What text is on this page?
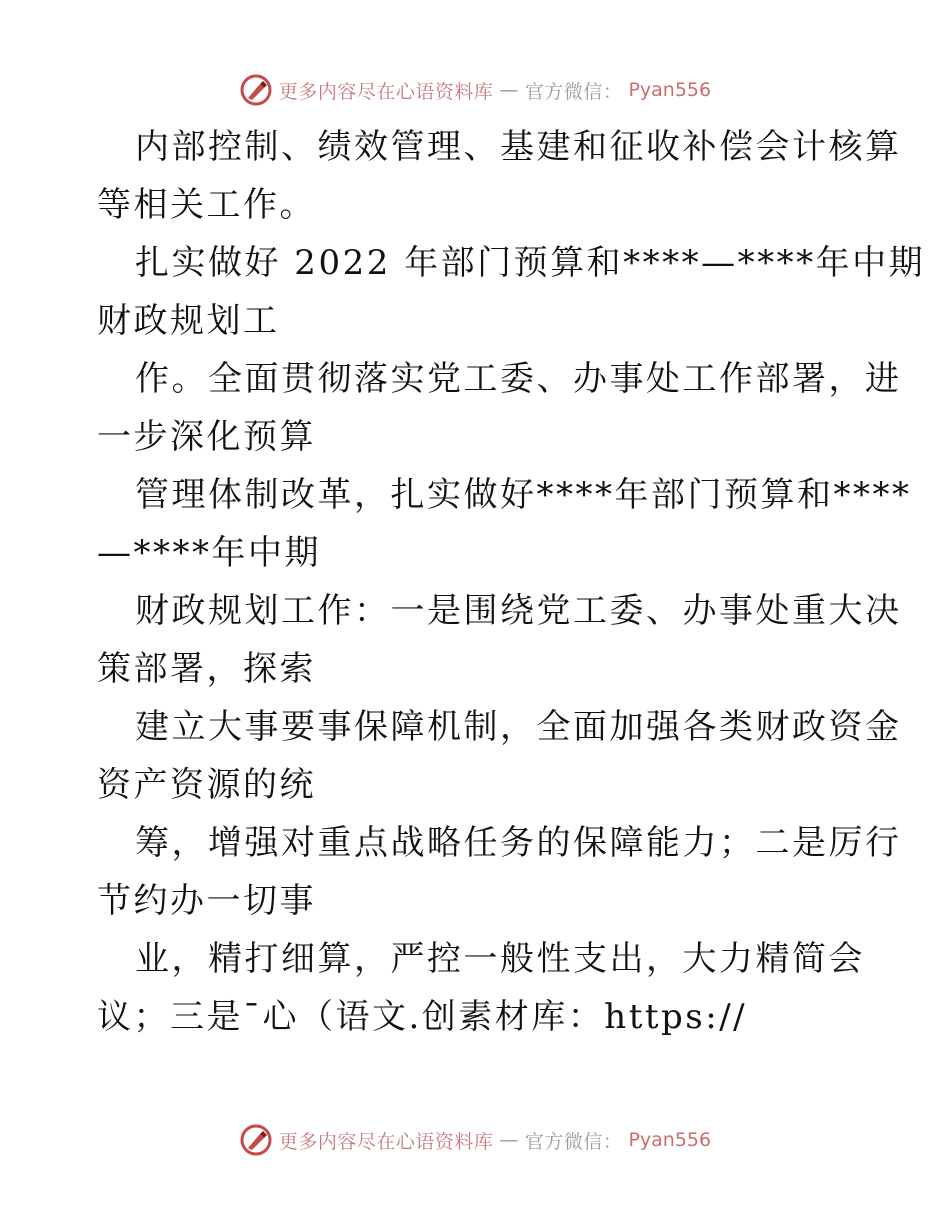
更多内容尽在心语资料库 — 官方微信： Pyan556
内部控制、绩效管理、基建和征收补偿会计核算
等相关工作。
扎实做好 2022 年部门预算和****—****年中期
财政规划工
作。全面贯彻落实党工委、办事处工作部署，进
一步深化预算
管理体制改革，扎实做好****年部门预算和****
—****年中期
财政规划工作：一是围绕党工委、办事处重大决
策部署，探索
建立大事要事保障机制，全面加强各类财政资金
资产资源的统
筹，增强对重点战略任务的保障能力；二是厉行
节约办一切事
业，精打细算，严控一般性支出，大力精简会
议；三是¯心（语文.创素材库：https://
更多内容尽在心语资料库 — 官方微信： Pyan556
